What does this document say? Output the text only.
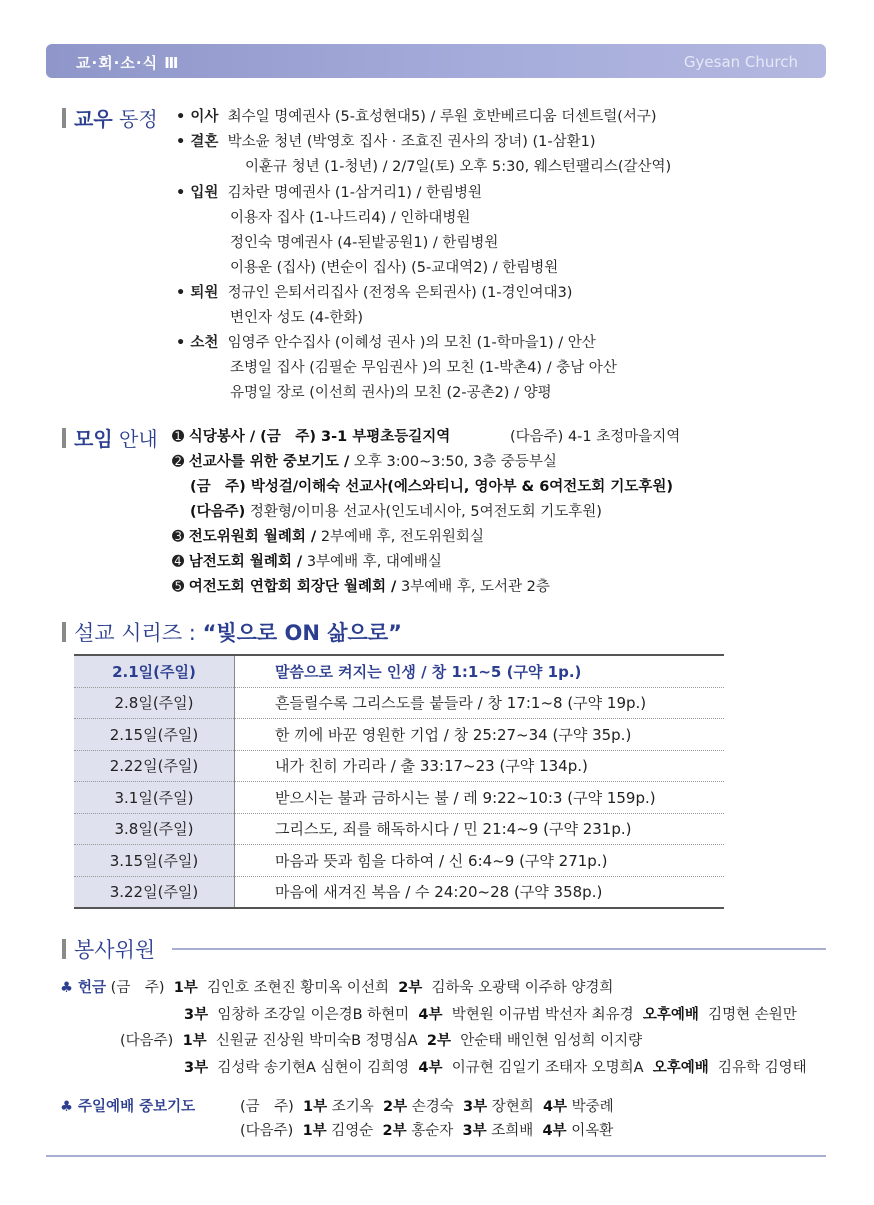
교·회·소·식 Ⅲ	Gyesan Church
교우 동정 • 이사 최수일 명예권사 (5-효성현대5) / 루원 호반베르디움 더센트럴(서구)
• 결혼 박소윤 청년 (박영호 집사 · 조효진 권사의 장녀) (1-삼환1)
이훈규 청년 (1-청년) / 2/7일(토) 오후 5:30, 웨스턴팰리스(갈산역)
• 입원 김차란 명예권사 (1-삼거리1) / 한림병원
이용자 집사 (1-나드리4) / 인하대병원
정인숙 명예권사 (4-된밭공원1) / 한림병원
이용운 (집사) (변순이 집사) (5-교대역2) / 한림병원
• 퇴원 정규인 은퇴서리집사 (전정옥 은퇴권사) (1-경인여대3)
변인자 성도 (4-한화)
• 소천 임영주 안수집사 (이혜성 권사 )의 모친 (1-학마을1) / 안산
조병일 집사 (김필순 무임권사 )의 모친 (1-박촌4) / 충남 아산
유명일 장로 (이선희 권사)의 모친 (2-공촌2) / 양평
모임 안내 ➊ 식당봉사 / (금　주) 3-1 부평초등길지역	(다음주) 4-1 초정마을지역
➋ 선교사를 위한 중보기도 / 오후 3:00~3:50, 3층 중등부실
(금　주) 박성걸/이해숙 선교사(에스와티니, 영아부 & 6여전도회 기도후원)
(다음주) 정환형/이미용 선교사(인도네시아, 5여전도회 기도후원)
➌ 전도위원회 월례회 / 2부예배 후, 전도위원회실
➍ 남전도회 월례회 / 3부예배 후, 대예배실
➎ 여전도회 연합회 회장단 월례회 / 3부예배 후, 도서관 2층
설교 시리즈 : “빛으로 ON 삶으로”
2.1일(주일)		말씀으로 켜지는 인생 / 창 1:1~5 (구약 1p.)
2.8일(주일)		흔들릴수록 그리스도를 붙들라 / 창 17:1~8 (구약 19p.)
2.15일(주일)		한 끼에 바꾼 영원한 기업 / 창 25:27~34 (구약 35p.)
2.22일(주일)		내가 친히 가리라 / 출 33:17~23 (구약 134p.)
3.1일(주일)		받으시는 불과 금하시는 불 / 레 9:22~10:3 (구약 159p.)
3.8일(주일)		그리스도, 죄를 해독하시다 / 민 21:4~9 (구약 231p.)
3.15일(주일)		마음과 뜻과 힘을 다하여 / 신 6:4~9 (구약 271p.)
3.22일(주일)		마음에 새겨진 복음 / 수 24:20~28 (구약 358p.)
봉사위원
♣ 헌금 (금　주) 1부 김인호 조현진 황미옥 이선희 2부 김하욱 오광택 이주하 양경희
3부 임창하 조강일 이은경B 하현미 4부 박현원 이규범 박선자 최유경 오후예배 김명현 손원만
(다음주) 1부 신원균 진상원 박미숙B 정명심A 2부 안순태 배인현 임성희 이지량
3부 김성락 송기현A 심현이 김희영 4부 이규현 김일기 조태자 오명희A 오후예배 김유학 김영태
♣ 주일예배 중보기도	(금　주) 1부 조기옥 2부 손경숙 3부 장현희 4부 박중례
(다음주) 1부 김영순 2부 홍순자 3부 조희배 4부 이옥환
